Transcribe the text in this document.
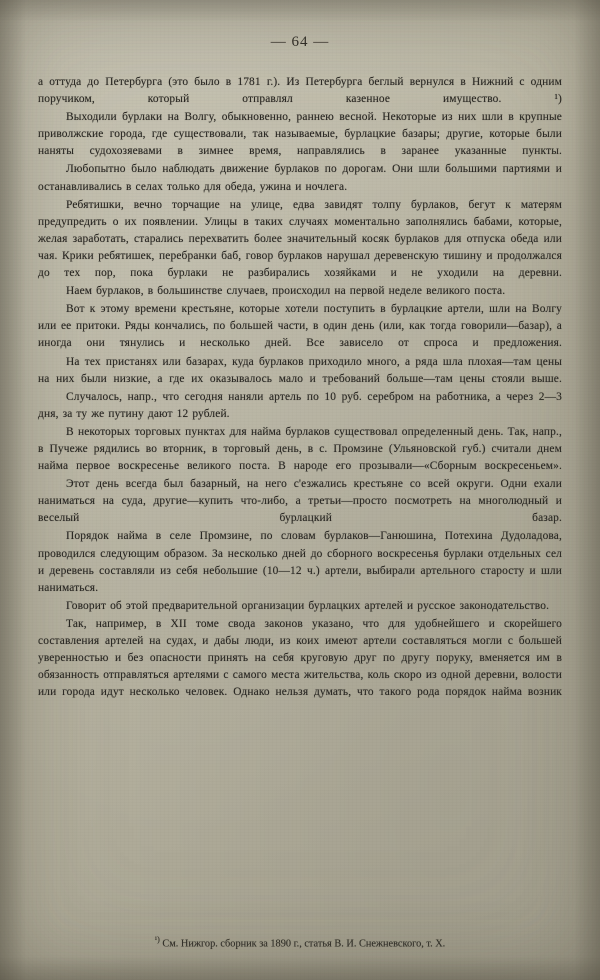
— 64 —

а оттуда до Петербурга (это было в 1781 г.). Из Петербурга беглый вернулся в Нижний с одним поручиком, который отправлял казенное имущество. ¹)

Выходили бурлаки на Волгу, обыкновенно, раннею весной. Некоторые из них шли в крупные приволжские города, где существовали, так называемые, бурлацкие базары; другие, которые были наняты судохозяевами в зимнее время, направлялись в заранее указанные пункты.

Любопытно было наблюдать движение бурлаков по дорогам. Они шли большими партиями и останавливались в селах только для обеда, ужина и ночлега.

Ребятишки, вечно торчащие на улице, едва завидят толпу бурлаков, бегут к матерям предупредить о их появлении. Улицы в таких случаях моментально заполнялись бабами, которые, желая заработать, старались перехватить более значительный косяк бурлаков для отпуска обеда или чая. Крики ребятишек, перебранки баб, говор бурлаков нарушал деревенскую тишину и продолжался до тех пор, пока бурлаки не разбирались хозяйками и не уходили на деревни.

Наем бурлаков, в большинстве случаев, происходил на первой неделе великого поста.

Вот к этому времени крестьяне, которые хотели поступить в бурлацкие артели, шли на Волгу или ее притоки. Ряды кончались, по большей части, в один день (или, как тогда говорили—базар), а иногда они тянулись и несколько дней. Все зависело от спроса и предложения.

На тех пристанях или базарах, куда бурлаков приходило много, а ряда шла плохая—там цены на них были низкие, а где их оказывалось мало и требований больше—там цены стояли выше.

Случалось, напр., что сегодня наняли артель по 10 руб. серебром на работника, а через 2—3 дня, за ту же путину дают 12 рублей.

В некоторых торговых пунктах для найма бурлаков существовал определенный день. Так, напр., в Пучеже рядились во вторник, в торговый день, в с. Промзине (Ульяновской губ.) считали днем найма первое воскресенье великого поста. В народе его прозывали—«Сборным воскресеньем».

Этот день всегда был базарный, на него с'езжались крестьяне со всей округи. Одни ехали наниматься на суда, другие—купить что-либо, а третьи—просто посмотреть на многолюдный и веселый бурлацкий базар.

Порядок найма в селе Промзине, по словам бурлаков—Ганюшина, Потехина Дудоладова, проводился следующим образом. За несколько дней до сборного воскресенья бурлаки отдельных сел и деревень составляли из себя небольшие (10—12 ч.) артели, выбирали артельного старосту и шли наниматься.

Говорит об этой предварительной организации бурлацких артелей и русское законодательство.

Так, например, в XII томе свода законов указано, что для удобнейшего и скорейшего составления артелей на судах, и дабы люди, из коих имеют артели составляться могли с большей уверенностью и без опасности принять на себя круговую друг по другу поруку, вменяется им в обязанность отправляться артелями с самого места жительства, коль скоро из одной деревни, волости или города идут несколько человек. Однако нельзя думать, что такого рода порядок найма возник

$^{^1)}$ См. Нижгор. сборник за 1890 г., статья В. И. Снежневского, т. X.
